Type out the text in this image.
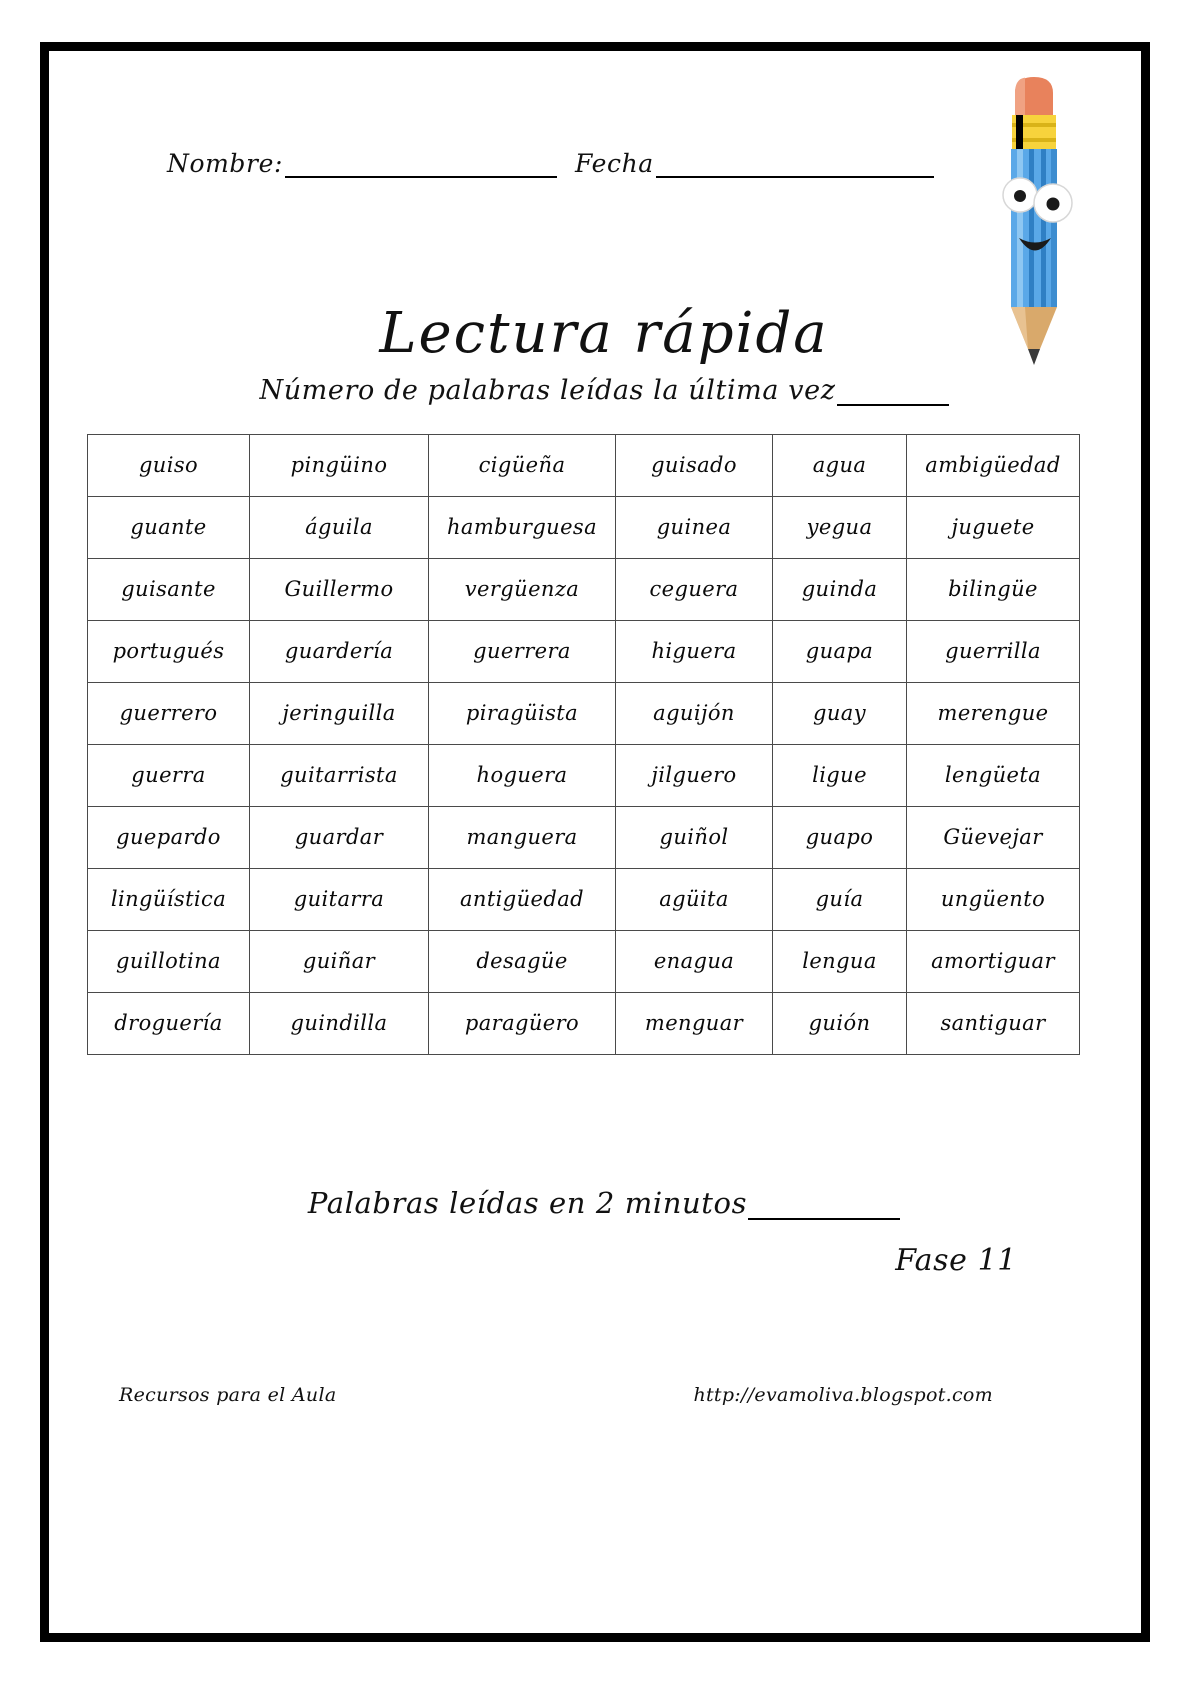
Nombre:	Fecha
Lectura rápida
Número de palabras leídas la última vez
guiso	pingüino	cigüeña	guisado	agua	ambigüedad
guante	águila	hamburguesa	guinea	yegua	juguete
guisante	Guillermo	vergüenza	ceguera	guinda	bilingüe
portugués	guardería	guerrera	higuera	guapa	guerrilla
guerrero	jeringuilla	piragüista	aguijón	guay	merengue
guerra	guitarrista	hoguera	jilguero	ligue	lengüeta
guepardo	guardar	manguera	guiñol	guapo	Güevejar
lingüística	guitarra	antigüedad	agüita	guía	ungüento
guillotina	guiñar	desagüe	enagua	lengua	amortiguar
droguería	guindilla	paragüero	menguar	guión	santiguar
Palabras leídas en 2 minutos
Fase 11
Recursos para el Aula	http://evamoliva.blogspot.com
